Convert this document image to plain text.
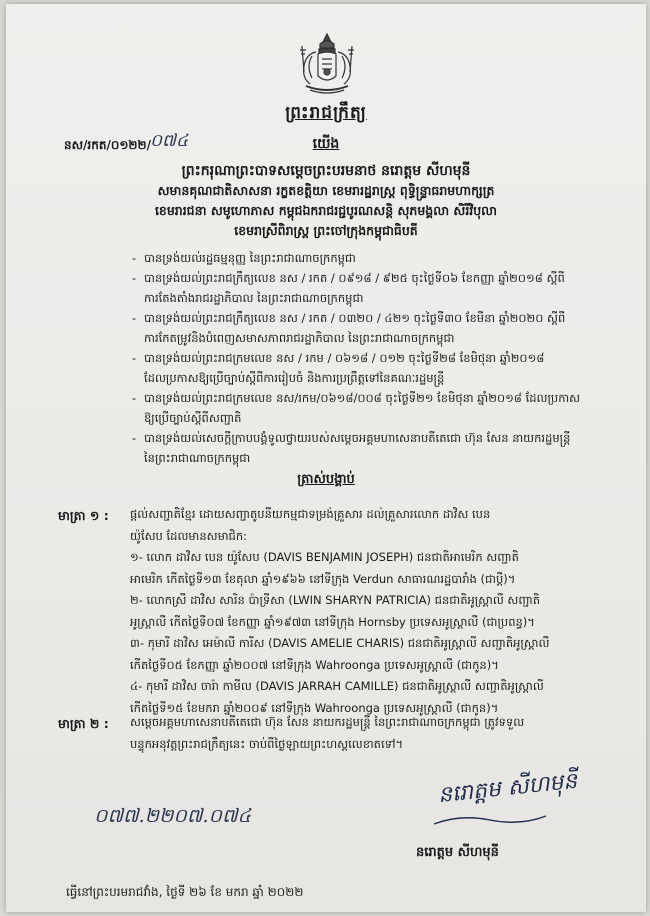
ព្រះរាជក្រឹត្យ
នស/រកត/០១២២/ ០៧៤	យើង
ព្រះករុណាព្រះបាទសម្តេចព្រះបរមនាថ នរោត្តម សីហមុនី
សមានគុណជាតិសាសនា រក្ខតខត្តិយា ខេមរារដ្ឋរាស្ត្រ ពុទ្ធិន្ទ្រាធរាមហាក្សត្រ
ខេមរារជនា សមូហោភាស កម្ពុជឯករាជរជ្ជបូរណសន្តិ សុភមង្គលា សិរីវិបុលា
ខេមរាស្រីពិរាស្ត្រ ព្រះចៅក្រុងកម្ពុជាធិបតី
- បានទ្រង់យល់រដ្ឋធម្មនុញ្ញ នៃព្រះរាជាណាចក្រកម្ពុជា
- បានទ្រង់យល់ព្រះរាជក្រឹត្យលេខ នស / រកត / ០៩១៨ / ៩២៥ ចុះថ្ងៃទី០៦ ខែកញ្ញា ឆ្នាំ២០១៨ ស្តីពី
ការតែងតាំងរាជរដ្ឋាភិបាល នៃព្រះរាជាណាចក្រកម្ពុជា
- បានទ្រង់យល់ព្រះរាជក្រឹត្យលេខ នស / រកត / ០៣២០ / ៤២១ ចុះថ្ងៃទី៣០ ខែមីនា ឆ្នាំ២០២០ ស្តីពី
ការកែតម្រូវនិងបំពេញសមាសភាពរាជរដ្ឋាភិបាល នៃព្រះរាជាណាចក្រកម្ពុជា
- បានទ្រង់យល់ព្រះរាជក្រមលេខ នស / រកម / ០៦១៨ / ០១២ ចុះថ្ងៃទី២៨ ខែមិថុនា ឆ្នាំ២០១៨
ដែលប្រកាសឱ្យប្រើច្បាប់ស្តីពីការរៀបចំ និងការប្រព្រឹត្តទៅនៃគណៈរដ្ឋមន្ត្រី
- បានទ្រង់យល់ព្រះរាជក្រមលេខ នស/រកម/០៦១៨/០០៨ ចុះថ្ងៃទី២១ ខែមិថុនា ឆ្នាំ២០១៨ ដែលប្រកាស
ឱ្យប្រើច្បាប់ស្តីពីសញ្ជាតិ
- បានទ្រង់យល់សេចក្តីក្រាបបង្គំទូលថ្វាយរបស់សម្តេចអគ្គមហាសេនាបតីតេជោ ហ៊ុន សែន នាយករដ្ឋមន្ត្រី
នៃព្រះរាជាណាចក្រកម្ពុជា
ត្រាស់បង្គាប់
មាត្រា ១ : ផ្តល់សញ្ជាតិខ្មែរ ដោយសញ្ជាតូបនីយកម្មជាទម្រង់គ្រួសារ ដល់គ្រួសារលោក ដាវិស បេន
យ៉ូសែប ដែលមានសមាជិក:
១- លោក ដាវិស បេន យ៉ូសែប (DAVIS BENJAMIN JOSEPH) ជនជាតិអាមេរិក សញ្ជាតិ
អាមេរិក កើតថ្ងៃទី១៣ ខែតុលា ឆ្នាំ១៩៦៦ នៅទីក្រុង Verdun សាធារណរដ្ឋបារាំង (ជាប្តី)។
២- លោកស្រី ដាវិស សារិន ប៉ាទ្រីសា (LWIN SHARYN PATRICIA) ជនជាតិអូស្ត្រាលី សញ្ជាតិ
អូស្ត្រាលី កើតថ្ងៃទី០៧ ខែកញ្ញា ឆ្នាំ១៩៧៣ នៅទីក្រុង Hornsby ប្រទេសអូស្ត្រាលី (ជាប្រពន្ធ)។
៣- កុមារី ដាវិស អេម៉ាលី ការីស (DAVIS AMELIE CHARIS) ជនជាតិអូស្ត្រាលី សញ្ជាតិអូស្ត្រាលី
កើតថ្ងៃទី០៥ ខែកញ្ញា ឆ្នាំ២០០៧ នៅទីក្រុង Wahroonga ប្រទេសអូស្ត្រាលី (ជាកូន)។
៤- កុមារី ដាវិស ចារ៉ា កាមីល (DAVIS JARRAH CAMILLE) ជនជាតិអូស្ត្រាលី សញ្ជាតិអូស្ត្រាលី
កើតថ្ងៃទី១៥ ខែមករា ឆ្នាំ២០០៩ នៅទីក្រុង Wahroonga ប្រទេសអូស្ត្រាលី (ជាកូន)។
មាត្រា ២ : សម្តេចអគ្គមហាសេនាបតីតេជោ ហ៊ុន សែន នាយករដ្ឋមន្ត្រី នៃព្រះរាជាណាចក្រកម្ពុជា ត្រូវទទួល
បន្ទុកអនុវត្តព្រះរាជក្រឹត្យនេះ ចាប់ពីថ្ងៃឡាយព្រះហស្តលេខាតទៅ។
០៧៧.២២០៧.០៧៤
នរោត្តម សីហមុនី
នរោត្តម សីហមុនី
ធ្វើនៅព្រះបរមរាជវាំង, ថ្ងៃទី ២៦ ខែ មករា ឆ្នាំ ២០២២
